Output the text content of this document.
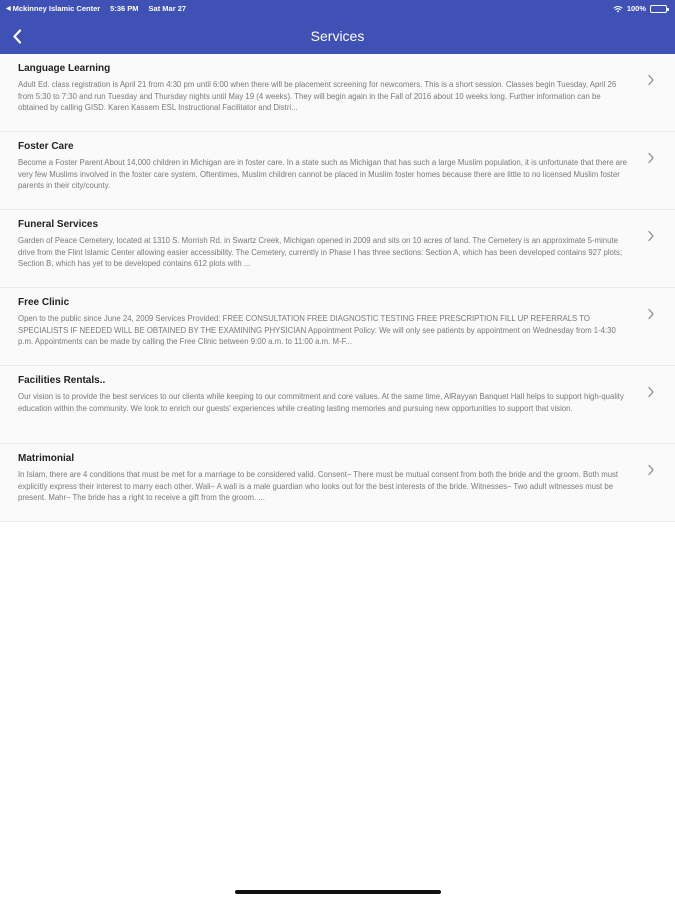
◀ Mckinney Islamic Center 5:36 PM Sat Mar 27	100%
Services
Language Learning
Adult Ed. class registration is April 21 from 4:30 pm until 6:00 when there will be placement screening for newcomers. This is a short session. Classes begin Tuesday, April 26 from 5:30 to 7:30 and run Tuesday and Thursday nights until May 19 (4 weeks). They will begin again in the Fall of 2016 about 10 weeks long. Further information can be obtained by calling GISD. Karen Kassem ESL Instructional Facilitator and Distri...
Foster Care
Become a Foster Parent About 14,000 children in Michigan are in foster care. In a state such as Michigan that has such a large Muslim population, it is unfortunate that there are very few Muslims involved in the foster care system. Oftentimes, Muslim children cannot be placed in Muslim foster homes because there are little to no licensed Muslim foster parents in their city/county.
Funeral Services
Garden of Peace Cemetery, located at 1310 S. Morrish Rd. in Swartz Creek, Michigan opened in 2009 and sits on 10 acres of land. The Cemetery is an approximate 5-minute drive from the Flint Islamic Center allowing easier accessibility. The Cemetery, currently in Phase I has three sections: Section A, which has been developed contains 927 plots; Section B, which has yet to be developed contains 612 plots with ...
Free Clinic
Open to the public since June 24, 2009 Services Provided: FREE CONSULTATION FREE DIAGNOSTIC TESTING FREE PRESCRIPTION FILL UP REFERRALS TO SPECIALISTS IF NEEDED WILL BE OBTAINED BY THE EXAMINING PHYSICIAN Appointment Policy: We will only see patients by appointment on Wednesday from 1-4:30 p.m. Appointments can be made by calling the Free Clinic between 9:00 a.m. to 11:00 a.m. M-F...
Facilities Rentals..
Our vision is to provide the best services to our clients while keeping to our commitment and core values. At the same time, AlRayyan Banquet Hall helps to support high-quality education within the community. We look to enrich our guests' experiences while creating lasting memories and pursuing new opportunities to support that vision.
Matrimonial
In Islam, there are 4 conditions that must be met for a marriage to be considered valid. Consent– There must be mutual consent from both the bride and the groom. Both must explicitly express their interest to marry each other. Wali– A wali is a male guardian who looks out for the best interests of the bride. Witnesses– Two adult witnesses must be present. Mahr– The bride has a right to receive a gift from the groom. ...
